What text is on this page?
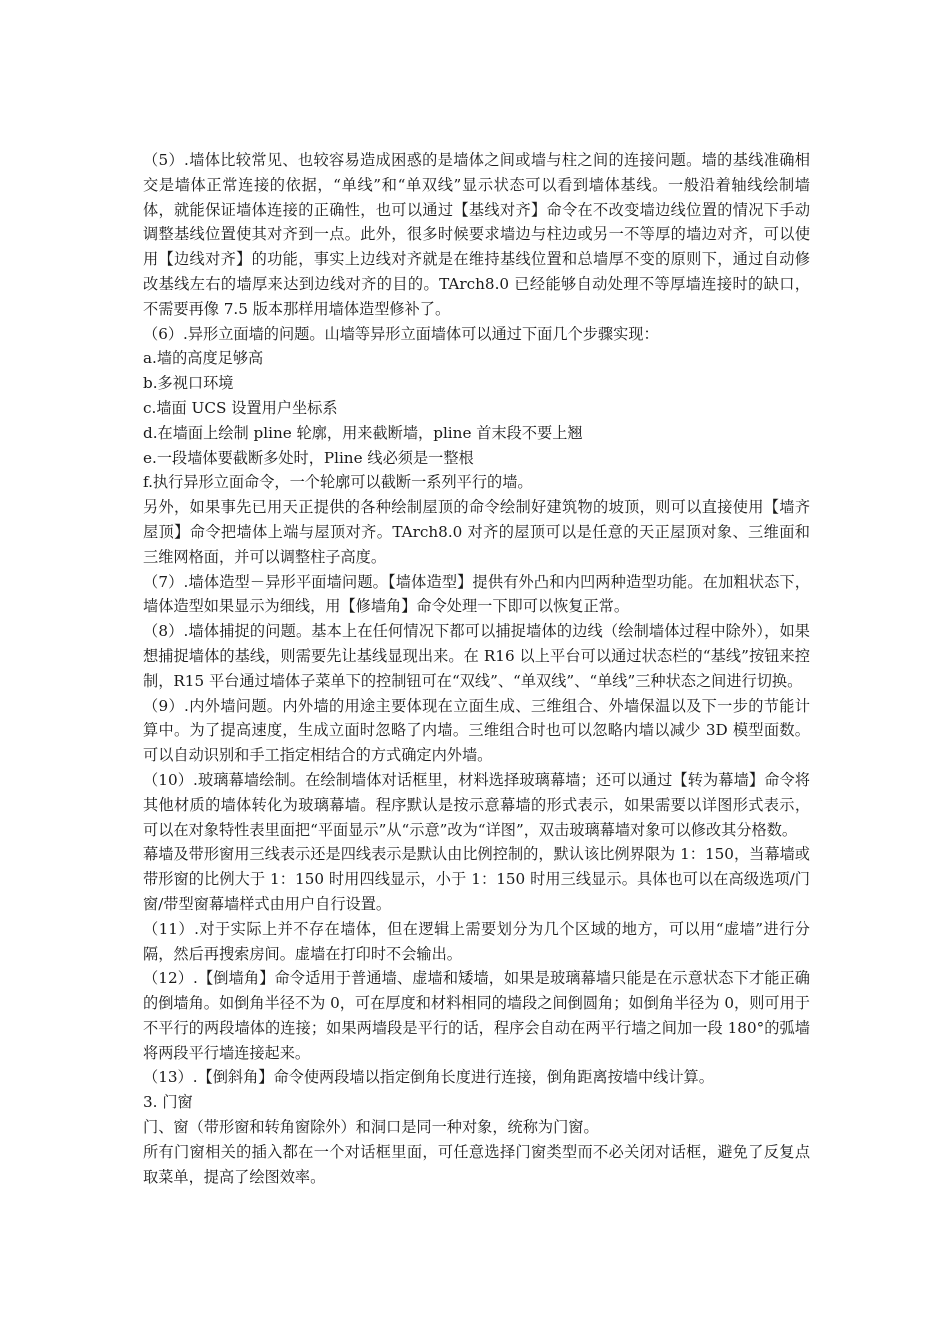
（5）.墙体比较常见、也较容易造成困惑的是墙体之间或墙与柱之间的连接问题。墙的基线准确相交是墙体正常连接的依据，“单线”和“单双线”显示状态可以看到墙体基线。一般沿着轴线绘制墙体，就能保证墙体连接的正确性，也可以通过【基线对齐】命令在不改变墙边线位置的情况下手动调整基线位置使其对齐到一点。此外，很多时候要求墙边与柱边或另一不等厚的墙边对齐，可以使用【边线对齐】的功能，事实上边线对齐就是在维持基线位置和总墙厚不变的原则下，通过自动修改基线左右的墙厚来达到边线对齐的目的。TArch8.0 已经能够自动处理不等厚墙连接时的缺口，不需要再像 7.5 版本那样用墙体造型修补了。

（6）.异形立面墙的问题。山墙等异形立面墙体可以通过下面几个步骤实现：

a.墙的高度足够高

b.多视口环境

c.墙面 UCS 设置用户坐标系

d.在墙面上绘制 pline 轮廓，用来截断墙，pline 首末段不要上翘

e.一段墙体要截断多处时，Pline 线必须是一整根

f.执行异形立面命令，一个轮廓可以截断一系列平行的墙。

另外，如果事先已用天正提供的各种绘制屋顶的命令绘制好建筑物的坡顶，则可以直接使用【墙齐屋顶】命令把墙体上端与屋顶对齐。TArch8.0 对齐的屋顶可以是任意的天正屋顶对象、三维面和三维网格面，并可以调整柱子高度。

（7）.墙体造型－异形平面墙问题。【墙体造型】提供有外凸和内凹两种造型功能。在加粗状态下，墙体造型如果显示为细线，用【修墙角】命令处理一下即可以恢复正常。

（8）.墙体捕捉的问题。基本上在任何情况下都可以捕捉墙体的边线（绘制墙体过程中除外），如果想捕捉墙体的基线，则需要先让基线显现出来。在 R16 以上平台可以通过状态栏的“基线”按钮来控制，R15 平台通过墙体子菜单下的控制钮可在“双线”、“单双线”、“单线”三种状态之间进行切换。

（9）.内外墙问题。内外墙的用途主要体现在立面生成、三维组合、外墙保温以及下一步的节能计算中。为了提高速度，生成立面时忽略了内墙。三维组合时也可以忽略内墙以减少 3D 模型面数。可以自动识别和手工指定相结合的方式确定内外墙。

（10）.玻璃幕墙绘制。在绘制墙体对话框里，材料选择玻璃幕墙；还可以通过【转为幕墙】命令将其他材质的墙体转化为玻璃幕墙。程序默认是按示意幕墙的形式表示，如果需要以详图形式表示，可以在对象特性表里面把“平面显示”从“示意”改为“详图”，双击玻璃幕墙对象可以修改其分格数。

幕墙及带形窗用三线表示还是四线表示是默认由比例控制的，默认该比例界限为 1：150，当幕墙或带形窗的比例大于 1：150 时用四线显示，小于 1：150 时用三线显示。具体也可以在高级选项/门窗/带型窗幕墙样式由用户自行设置。

（11）.对于实际上并不存在墙体，但在逻辑上需要划分为几个区域的地方，可以用“虚墙”进行分隔，然后再搜索房间。虚墙在打印时不会输出。

（12）.【倒墙角】命令适用于普通墙、虚墙和矮墙，如果是玻璃幕墙只能是在示意状态下才能正确的倒墙角。如倒角半径不为 0，可在厚度和材料相同的墙段之间倒圆角；如倒角半径为 0，则可用于不平行的两段墙体的连接；如果两墙段是平行的话，程序会自动在两平行墙之间加一段 180°的弧墙将两段平行墙连接起来。

（13）.【倒斜角】命令使两段墙以指定倒角长度进行连接，倒角距离按墙中线计算。

3. 门窗

门、窗（带形窗和转角窗除外）和洞口是同一种对象，统称为门窗。

所有门窗相关的插入都在一个对话框里面，可任意选择门窗类型而不必关闭对话框，避免了反复点取菜单，提高了绘图效率。
